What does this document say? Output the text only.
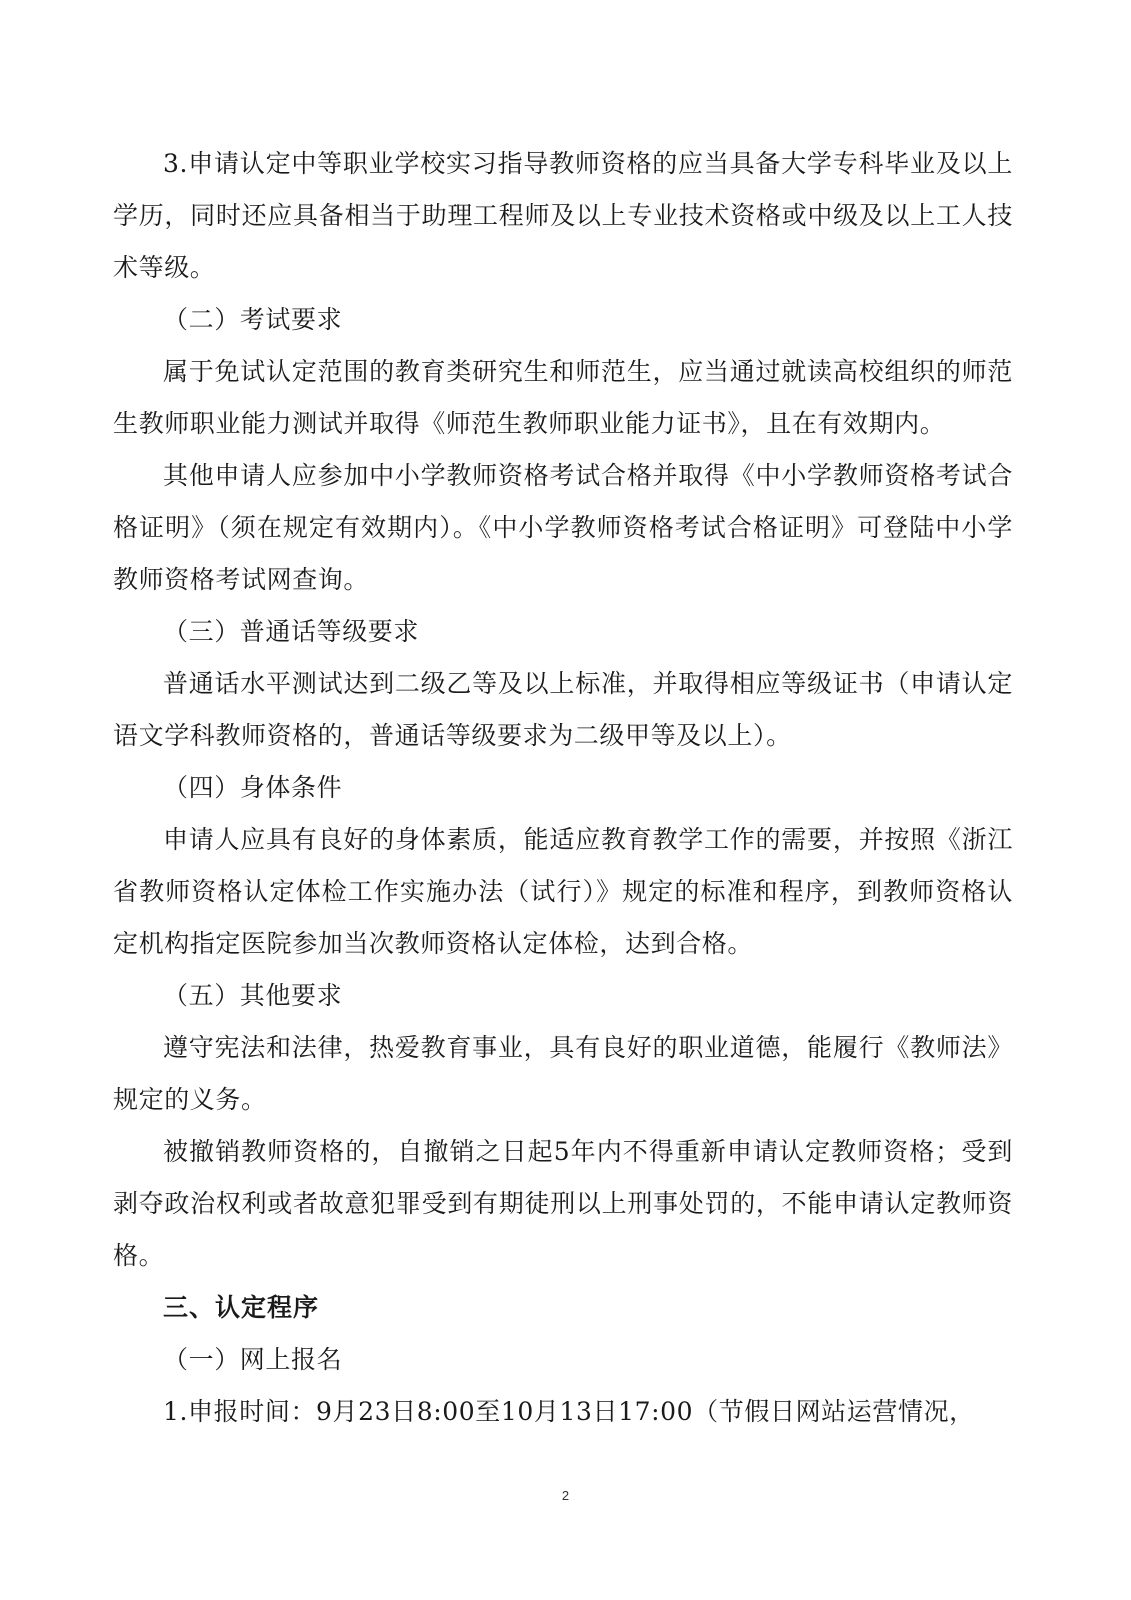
3.申请认定中等职业学校实习指导教师资格的应当具备大学专科毕业及以上学历，同时还应具备相当于助理工程师及以上专业技术资格或中级及以上工人技术等级。

（二）考试要求

属于免试认定范围的教育类研究生和师范生，应当通过就读高校组织的师范生教师职业能力测试并取得《师范生教师职业能力证书》，且在有效期内。

其他申请人应参加中小学教师资格考试合格并取得《中小学教师资格考试合格证明》（须在规定有效期内）。《中小学教师资格考试合格证明》可登陆中小学教师资格考试网查询。

（三）普通话等级要求

普通话水平测试达到二级乙等及以上标准，并取得相应等级证书（申请认定语文学科教师资格的，普通话等级要求为二级甲等及以上）。

（四）身体条件

申请人应具有良好的身体素质，能适应教育教学工作的需要，并按照《浙江省教师资格认定体检工作实施办法（试行）》规定的标准和程序，到教师资格认定机构指定医院参加当次教师资格认定体检，达到合格。

（五）其他要求

遵守宪法和法律，热爱教育事业，具有良好的职业道德，能履行《教师法》规定的义务。

被撤销教师资格的，自撤销之日起5年内不得重新申请认定教师资格；受到剥夺政治权利或者故意犯罪受到有期徒刑以上刑事处罚的，不能申请认定教师资格。

三、认定程序

（一）网上报名

1.申报时间：9月23日8:00至10月13日17:00（节假日网站运营情况，

2
